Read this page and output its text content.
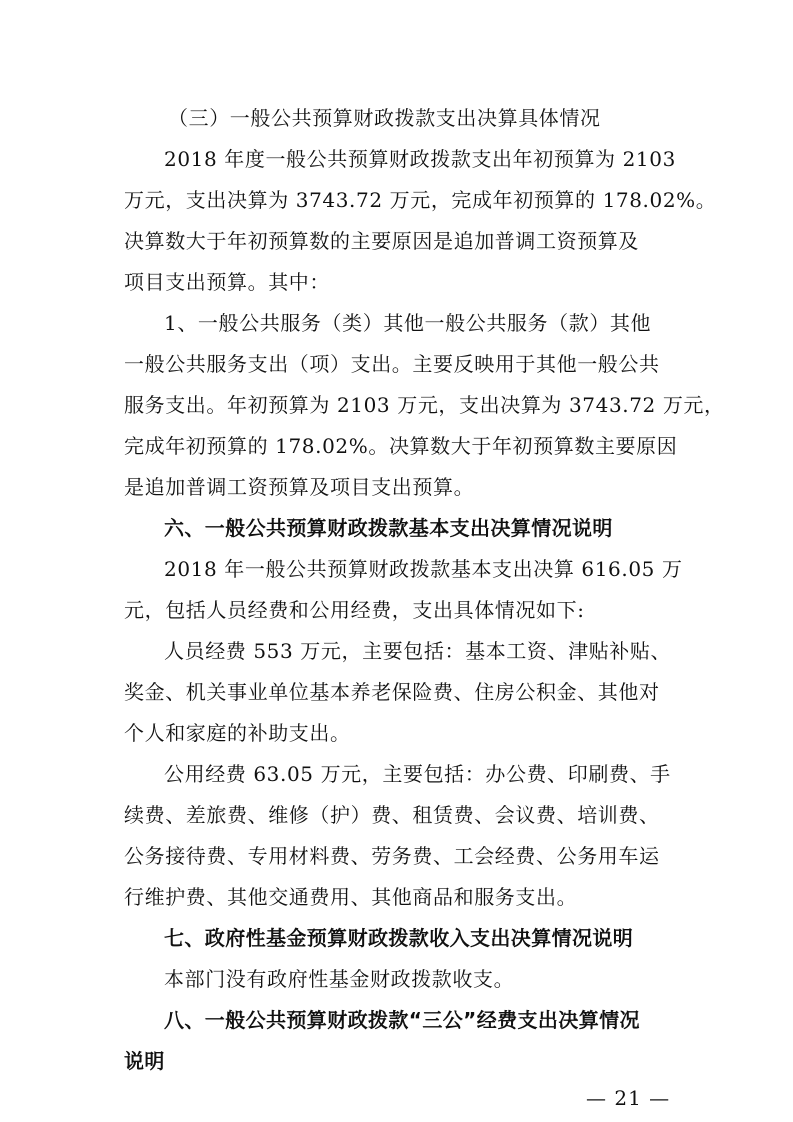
（三）一般公共预算财政拨款支出决算具体情况
2018 年度一般公共预算财政拨款支出年初预算为 2103
万元，支出决算为 3743.72 万元，完成年初预算的 178.02%。
决算数大于年初预算数的主要原因是追加普调工资预算及
项目支出预算。其中：
1、一般公共服务（类）其他一般公共服务（款）其他
一般公共服务支出（项）支出。主要反映用于其他一般公共
服务支出。年初预算为 2103 万元，支出决算为 3743.72 万元，
完成年初预算的 178.02%。决算数大于年初预算数主要原因
是追加普调工资预算及项目支出预算。
六、一般公共预算财政拨款基本支出决算情况说明
2018 年一般公共预算财政拨款基本支出决算 616.05 万
元，包括人员经费和公用经费，支出具体情况如下:
人员经费 553 万元，主要包括：基本工资、津贴补贴、
奖金、机关事业单位基本养老保险费、住房公积金、其他对
个人和家庭的补助支出。
公用经费 63.05 万元，主要包括：办公费、印刷费、手
续费、差旅费、维修（护）费、租赁费、会议费、培训费、
公务接待费、专用材料费、劳务费、工会经费、公务用车运
行维护费、其他交通费用、其他商品和服务支出。
七、政府性基金预算财政拨款收入支出决算情况说明
本部门没有政府性基金财政拨款收支。
八、一般公共预算财政拨款“三公”经费支出决算情况
说明
— 21 —
